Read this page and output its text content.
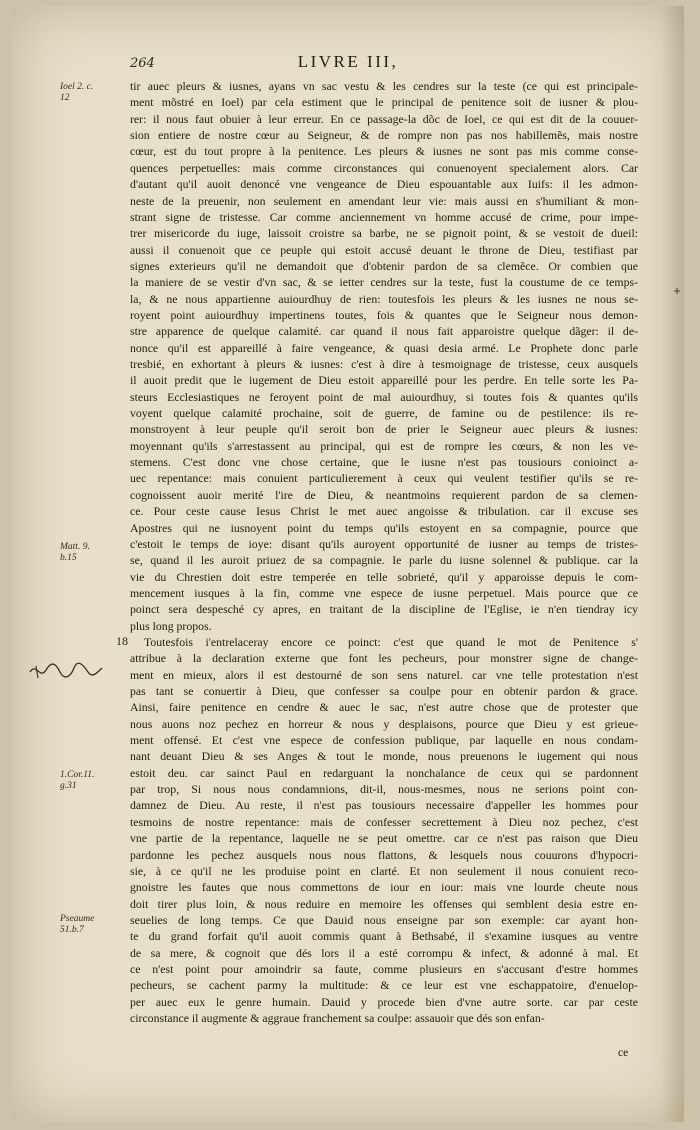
264	LIVRE III,
Ioel 2. c.
12
Matt. 9.
b.15
1.Cor.11.
g.31
Pseaume
51.b.7
tir auec pleurs & iusnes, ayans vn sac vestu & les cendres sur la teste (ce qui est principale-
ment mõstré en Ioel) par cela estiment que le principal de penitence soit de iusner & plou-
rer: il nous faut obuier à leur erreur. En ce passage-la dõc de Ioel, ce qui est dit de la couuer-
sion entiere de nostre cœur au Seigneur, & de rompre non pas nos habillemẽs, mais nostre
cœur, est du tout propre à la penitence. Les pleurs & iusnes ne sont pas mis comme conse-
quences perpetuelles: mais comme circonstances qui conuenoyent specialement alors. Car
d'autant qu'il auoit denoncé vne vengeance de Dieu espouantable aux Iuifs: il les admon-
neste de la preuenir, non seulement en amendant leur vie: mais aussi en s'humiliant & mon-
strant signe de tristesse. Car comme anciennement vn homme accusé de crime, pour impe-
trer misericorde du iuge, laissoit croistre sa barbe, ne se pignoit point, & se vestoit de dueil:
aussi il conuenoit que ce peuple qui estoit accusé deuant le throne de Dieu, testifiast par
signes exterieurs qu'il ne demandoit que d'obtenir pardon de sa clemẽce. Or combien que
la maniere de se vestir d'vn sac, & se ietter cendres sur la teste, fust la coustume de ce temps-
la, & ne nous appartienne auiourdhuy de rien: toutesfois les pleurs & les iusnes ne nous se-
royent point auiourdhuy impertinens toutes, fois & quantes que le Seigneur nous demon-
stre apparence de quelque calamité. car quand il nous fait apparoistre quelque dãger: il de-
nonce qu'il est appareillé à faire vengeance, & quasi desia armé. Le Prophete donc parle
tresbié, en exhortant à pleurs & iusnes: c'est à dire à tesmoignage de tristesse, ceux ausquels
il auoit predit que le iugement de Dieu estoit appareillé pour les perdre. En telle sorte les Pa-
steurs Ecclesiastiques ne feroyent point de mal auiourdhuy, si toutes fois & quantes qu'ils
voyent quelque calamité prochaine, soit de guerre, de famine ou de pestilence: ils re-
monstroyent à leur peuple qu'il seroit bon de prier le Seigneur auec pleurs & iusnes:
moyennant qu'ils s'arrestassent au principal, qui est de rompre les cœurs, & non les ve-
stemens. C'est donc vne chose certaine, que le iusne n'est pas tousiours conioinct a-
uec repentance: mais conuient particulierement à ceux qui veulent testifier qu'ils se re-
cognoissent auoir merité l'ire de Dieu, & neantmoins requierent pardon de sa clemen-
ce. Pour ceste cause Iesus Christ le met auec angoisse & tribulation. car il excuse ses
Apostres qui ne iusnoyent point du temps qu'ils estoyent en sa compagnie, pource que
c'estoit le temps de ioye: disant qu'ils auroyent opportunité de iusner au temps de tristes-
se, quand il les auroit priuez de sa compagnie. Ie parle du iusne solennel & publique. car la
vie du Chrestien doit estre temperée en telle sobrieté, qu'il y apparoisse depuis le com-
mencement iusques à la fin, comme vne espece de iusne perpetuel. Mais pource que ce
poinct sera despesché cy apres, en traitant de la discipline de l'Eglise, ie n'en tiendray icy
plus long propos.
18 Toutesfois i'entrelaceray encore ce poinct: c'est que quand le mot de Penitence s'
attribue à la declaration externe que font les pecheurs, pour monstrer signe de change-
ment en mieux, alors il est destourné de son sens naturel. car vne telle protestation n'est
pas tant se conuertir à Dieu, que confesser sa coulpe pour en obtenir pardon & grace.
Ainsi, faire penitence en cendre & auec le sac, n'est autre chose que de protester que
nous auons noz pechez en horreur & nous y desplaisons, pource que Dieu y est grieue-
ment offensé. Et c'est vne espece de confession publique, par laquelle en nous condam-
nant deuant Dieu & ses Anges & tout le monde, nous preuenons le iugement qui nous
estoit deu. car sainct Paul en redarguant la nonchalance de ceux qui se pardonnent
par trop, Si nous nous condamnions, dit-il, nous-mesmes, nous ne serions point con-
damnez de Dieu. Au reste, il n'est pas tousiours necessaire d'appeller les hommes pour
tesmoins de nostre repentance: mais de confesser secrettement à Dieu noz pechez, c'est
vne partie de la repentance, laquelle ne se peut omettre. car ce n'est pas raison que Dieu
pardonne les pechez ausquels nous nous flattons, & lesquels nous couurons d'hypocri-
sie, à ce qu'il ne les produise point en clarté. Et non seulement il nous conuient reco-
gnoistre les fautes que nous commettons de iour en iour: mais vne lourde cheute nous
doit tirer plus loin, & nous reduire en memoire les offenses qui semblent desia estre en-
seuelies de long temps. Ce que Dauid nous enseigne par son exemple: car ayant hon-
te du grand forfait qu'il auoit commis quant à Bethsabé, il s'examine iusques au ventre
de sa mere, & cognoit que dés lors il a esté corrompu & infect, & adonné à mal. Et
ce n'est point pour amoindrir sa faute, comme plusieurs en s'accusant d'estre hommes
pecheurs, se cachent parmy la multitude: & ce leur est vne eschappatoire, d'enuelop-
per auec eux le genre humain. Dauid y procede bien d'vne autre sorte. car par ceste
circonstance il augmente & aggraue franchement sa coulpe: assauoir que dés son enfan-
ce
